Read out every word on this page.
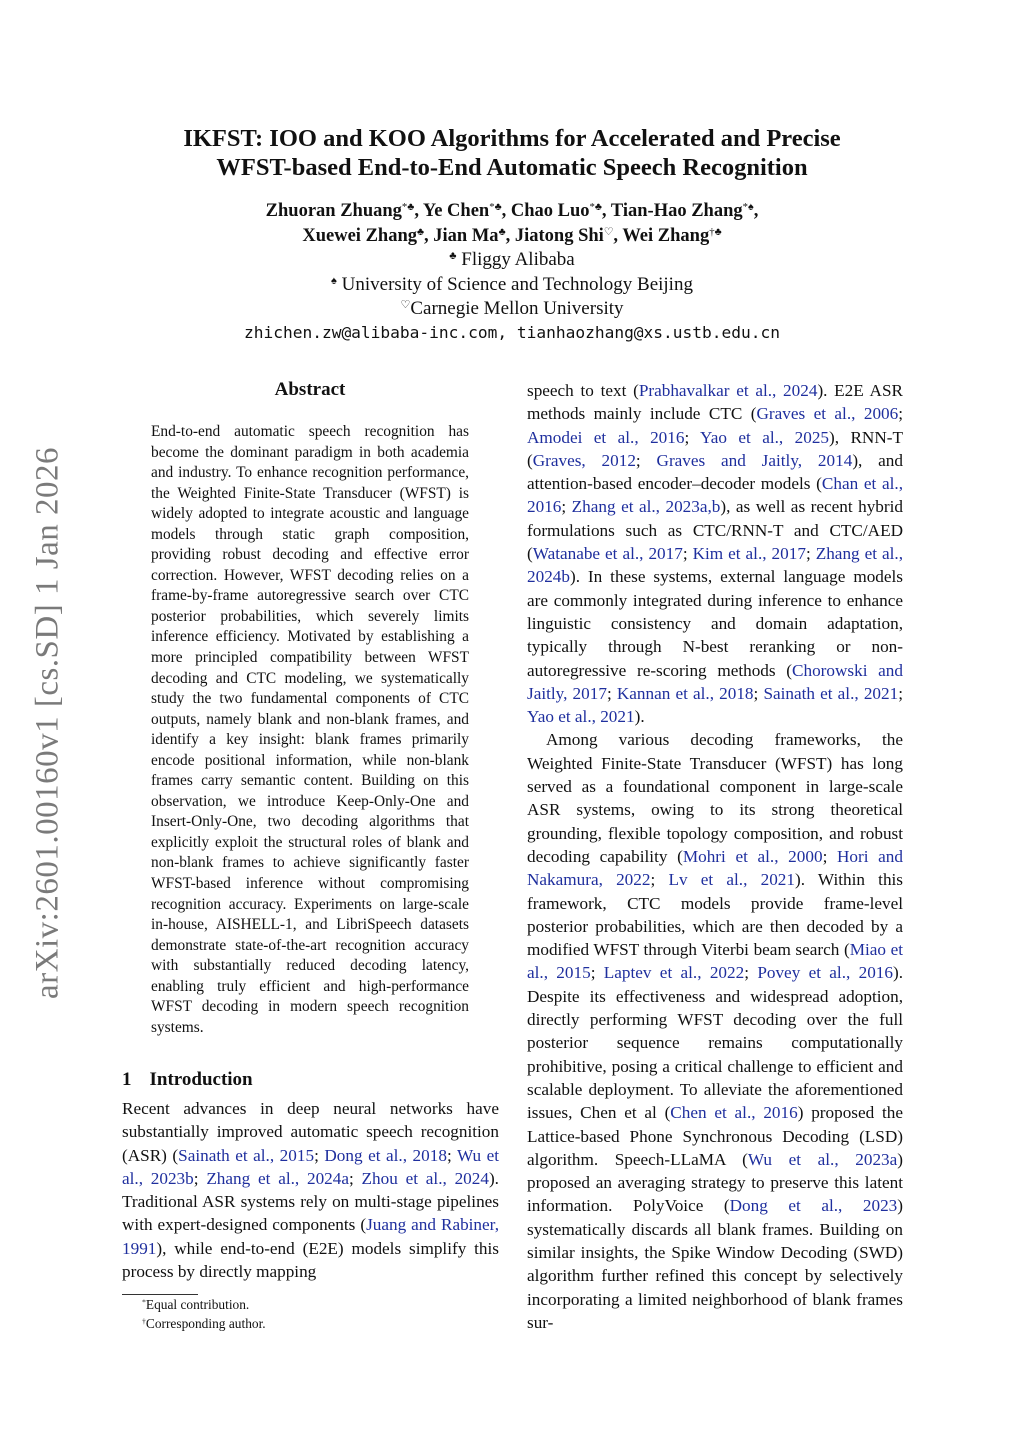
arXiv:2601.00160v1 [cs.SD] 1 Jan 2026
IKFST: IOO and KOO Algorithms for Accelerated and Precise
WFST-based End-to-End Automatic Speech Recognition
Zhuoran Zhuang*♣, Ye Chen*♣, Chao Luo*♣, Tian-Hao Zhang*♠,
Xuewei Zhang♣, Jian Ma♣, Jiatong Shi♡, Wei Zhang†♣
♣ Fliggy Alibaba
♠ University of Science and Technology Beijing
♡Carnegie Mellon University
zhichen.zw@alibaba-inc.com, tianhaozhang@xs.ustb.edu.cn
Abstract
End-to-end automatic speech recognition has become the dominant paradigm in both academia and industry. To enhance recognition performance, the Weighted Finite-State Transducer (WFST) is widely adopted to integrate acoustic and language models through static graph composition, providing robust decoding and effective error correction. However, WFST decoding relies on a frame-by-frame autoregressive search over CTC posterior probabilities, which severely limits inference efficiency. Motivated by establishing a more principled compatibility between WFST decoding and CTC modeling, we systematically study the two fundamental components of CTC outputs, namely blank and non-blank frames, and identify a key insight: blank frames primarily encode positional information, while non-blank frames carry semantic content. Building on this observation, we introduce Keep-Only-One and Insert-Only-One, two decoding algorithms that explicitly exploit the structural roles of blank and non-blank frames to achieve significantly faster WFST-based inference without compromising recognition accuracy. Experiments on large-scale in-house, AISHELL-1, and LibriSpeech datasets demonstrate state-of-the-art recognition accuracy with substantially reduced decoding latency, enabling truly efficient and high-performance WFST decoding in modern speech recognition systems.
1 Introduction
Recent advances in deep neural networks have substantially improved automatic speech recognition (ASR) (Sainath et al., 2015; Dong et al., 2018; Wu et al., 2023b; Zhang et al., 2024a; Zhou et al., 2024). Traditional ASR systems rely on multi-stage pipelines with expert-designed components (Juang and Rabiner, 1991), while end-to-end (E2E) models simplify this process by directly mapping
*Equal contribution.
†Corresponding author.
speech to text (Prabhavalkar et al., 2024). E2E ASR methods mainly include CTC (Graves et al., 2006; Amodei et al., 2016; Yao et al., 2025), RNN-T (Graves, 2012; Graves and Jaitly, 2014), and attention-based encoder–decoder models (Chan et al., 2016; Zhang et al., 2023a,b), as well as recent hybrid formulations such as CTC/RNN-T and CTC/AED (Watanabe et al., 2017; Kim et al., 2017; Zhang et al., 2024b). In these systems, external language models are commonly integrated during inference to enhance linguistic consistency and domain adaptation, typically through N-best reranking or non-autoregressive re-scoring methods (Chorowski and Jaitly, 2017; Kannan et al., 2018; Sainath et al., 2021; Yao et al., 2021).
Among various decoding frameworks, the Weighted Finite-State Transducer (WFST) has long served as a foundational component in large-scale ASR systems, owing to its strong theoretical grounding, flexible topology composition, and robust decoding capability (Mohri et al., 2000; Hori and Nakamura, 2022; Lv et al., 2021). Within this framework, CTC models provide frame-level posterior probabilities, which are then decoded by a modified WFST through Viterbi beam search (Miao et al., 2015; Laptev et al., 2022; Povey et al., 2016). Despite its effectiveness and widespread adoption, directly performing WFST decoding over the full posterior sequence remains computationally prohibitive, posing a critical challenge to efficient and scalable deployment. To alleviate the aforementioned issues, Chen et al (Chen et al., 2016) proposed the Lattice-based Phone Synchronous Decoding (LSD) algorithm. Speech-LLaMA (Wu et al., 2023a) proposed an averaging strategy to preserve this latent information. PolyVoice (Dong et al., 2023) systematically discards all blank frames. Building on similar insights, the Spike Window Decoding (SWD) algorithm further refined this concept by selectively incorporating a limited neighborhood of blank frames sur-
